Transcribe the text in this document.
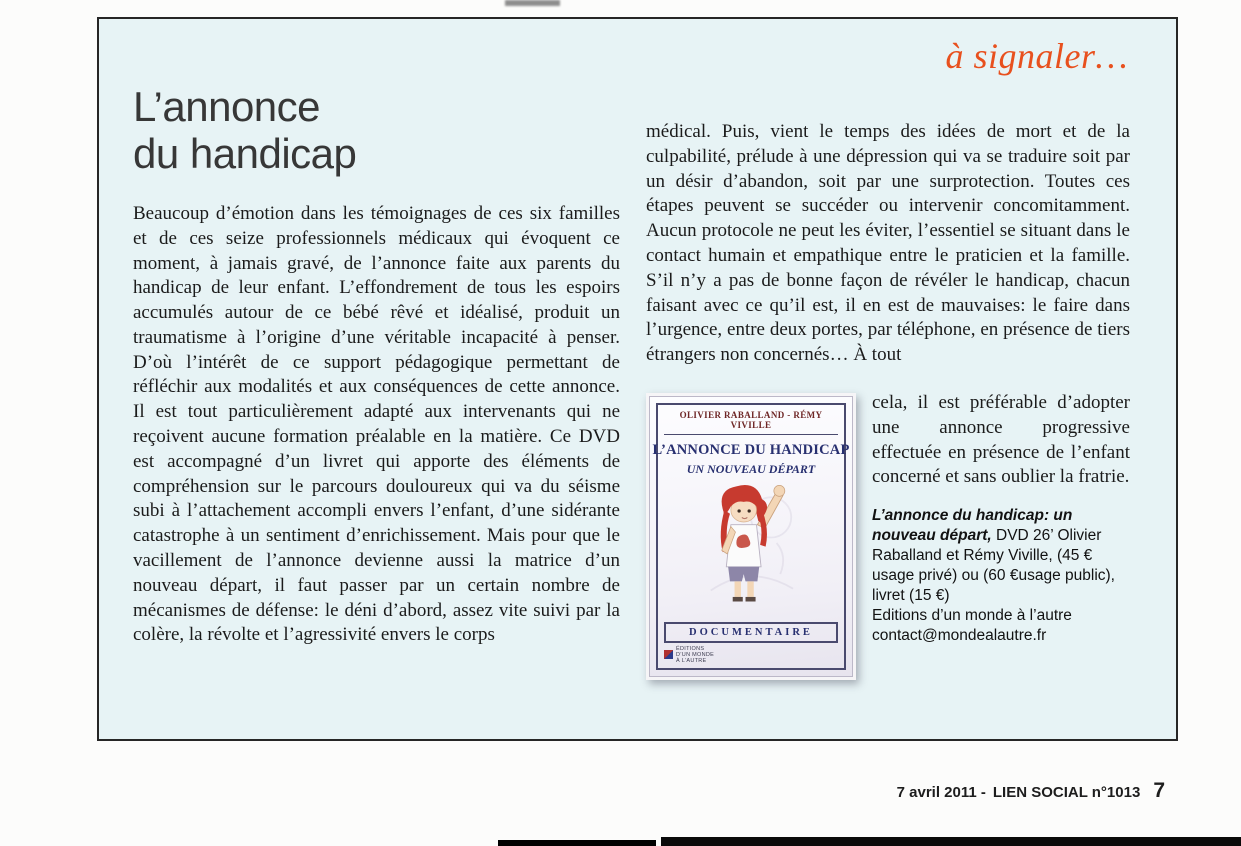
à signaler…
L’annonce
du handicap

Beaucoup d’émotion dans les témoignages de ces six familles et de ces seize professionnels médicaux qui évoquent ce moment, à jamais gravé, de l’annonce faite aux parents du handicap de leur enfant. L’effondrement de tous les espoirs accumulés autour de ce bébé rêvé et idéalisé, produit un traumatisme à l’origine d’une véritable incapacité à penser. D’où l’intérêt de ce support pédagogique permettant de réfléchir aux modalités et aux conséquences de cette annonce. Il est tout particulièrement adapté aux intervenants qui ne reçoivent aucune formation préalable en la matière. Ce DVD est accompagné d’un livret qui apporte des éléments de compréhension sur le parcours douloureux qui va du séisme subi à l’attachement accompli envers l’enfant, d’une sidérante catastrophe à un sentiment d’enrichissement. Mais pour que le vacillement de l’annonce devienne aussi la matrice d’un nouveau départ, il faut passer par un certain nombre de mécanismes de défense: le déni d’abord, assez vite suivi par la colère, la révolte et l’agressivité envers le corps

médical. Puis, vient le temps des idées de mort et de la culpabilité, prélude à une dépression qui va se traduire soit par un désir d’abandon, soit par une surprotection. Toutes ces étapes peuvent se succéder ou intervenir concomitamment. Aucun protocole ne peut les éviter, l’essentiel se situant dans le contact humain et empathique entre le praticien et la famille. S’il n’y a pas de bonne façon de révéler le handicap, chacun faisant avec ce qu’il est, il en est de mauvaises: le faire dans l’urgence, entre deux portes, par téléphone, en présence de tiers étrangers non concernés… À tout

OLIVIER RABALLAND - RÉMY VIVILLE
L’ANNONCE DU HANDICAP
UN NOUVEAU DÉPART
DOCUMENTAIRE
ÉDITIONS
D’UN MONDE
À L’AUTRE

cela, il est préférable d’adopter une annonce progressive effectuée en présence de l’enfant concerné et sans oublier la fratrie.

L’annonce du handicap: un nouveau départ, DVD 26’ Olivier Raballand et Rémy Viville, (45 € usage privé) ou (60 €usage public), livret (15 €)
Editions d’un monde à l’autre
contact@mondealautre.fr
7 avril 2011 - LIEN SOCIAL n°1013 7
